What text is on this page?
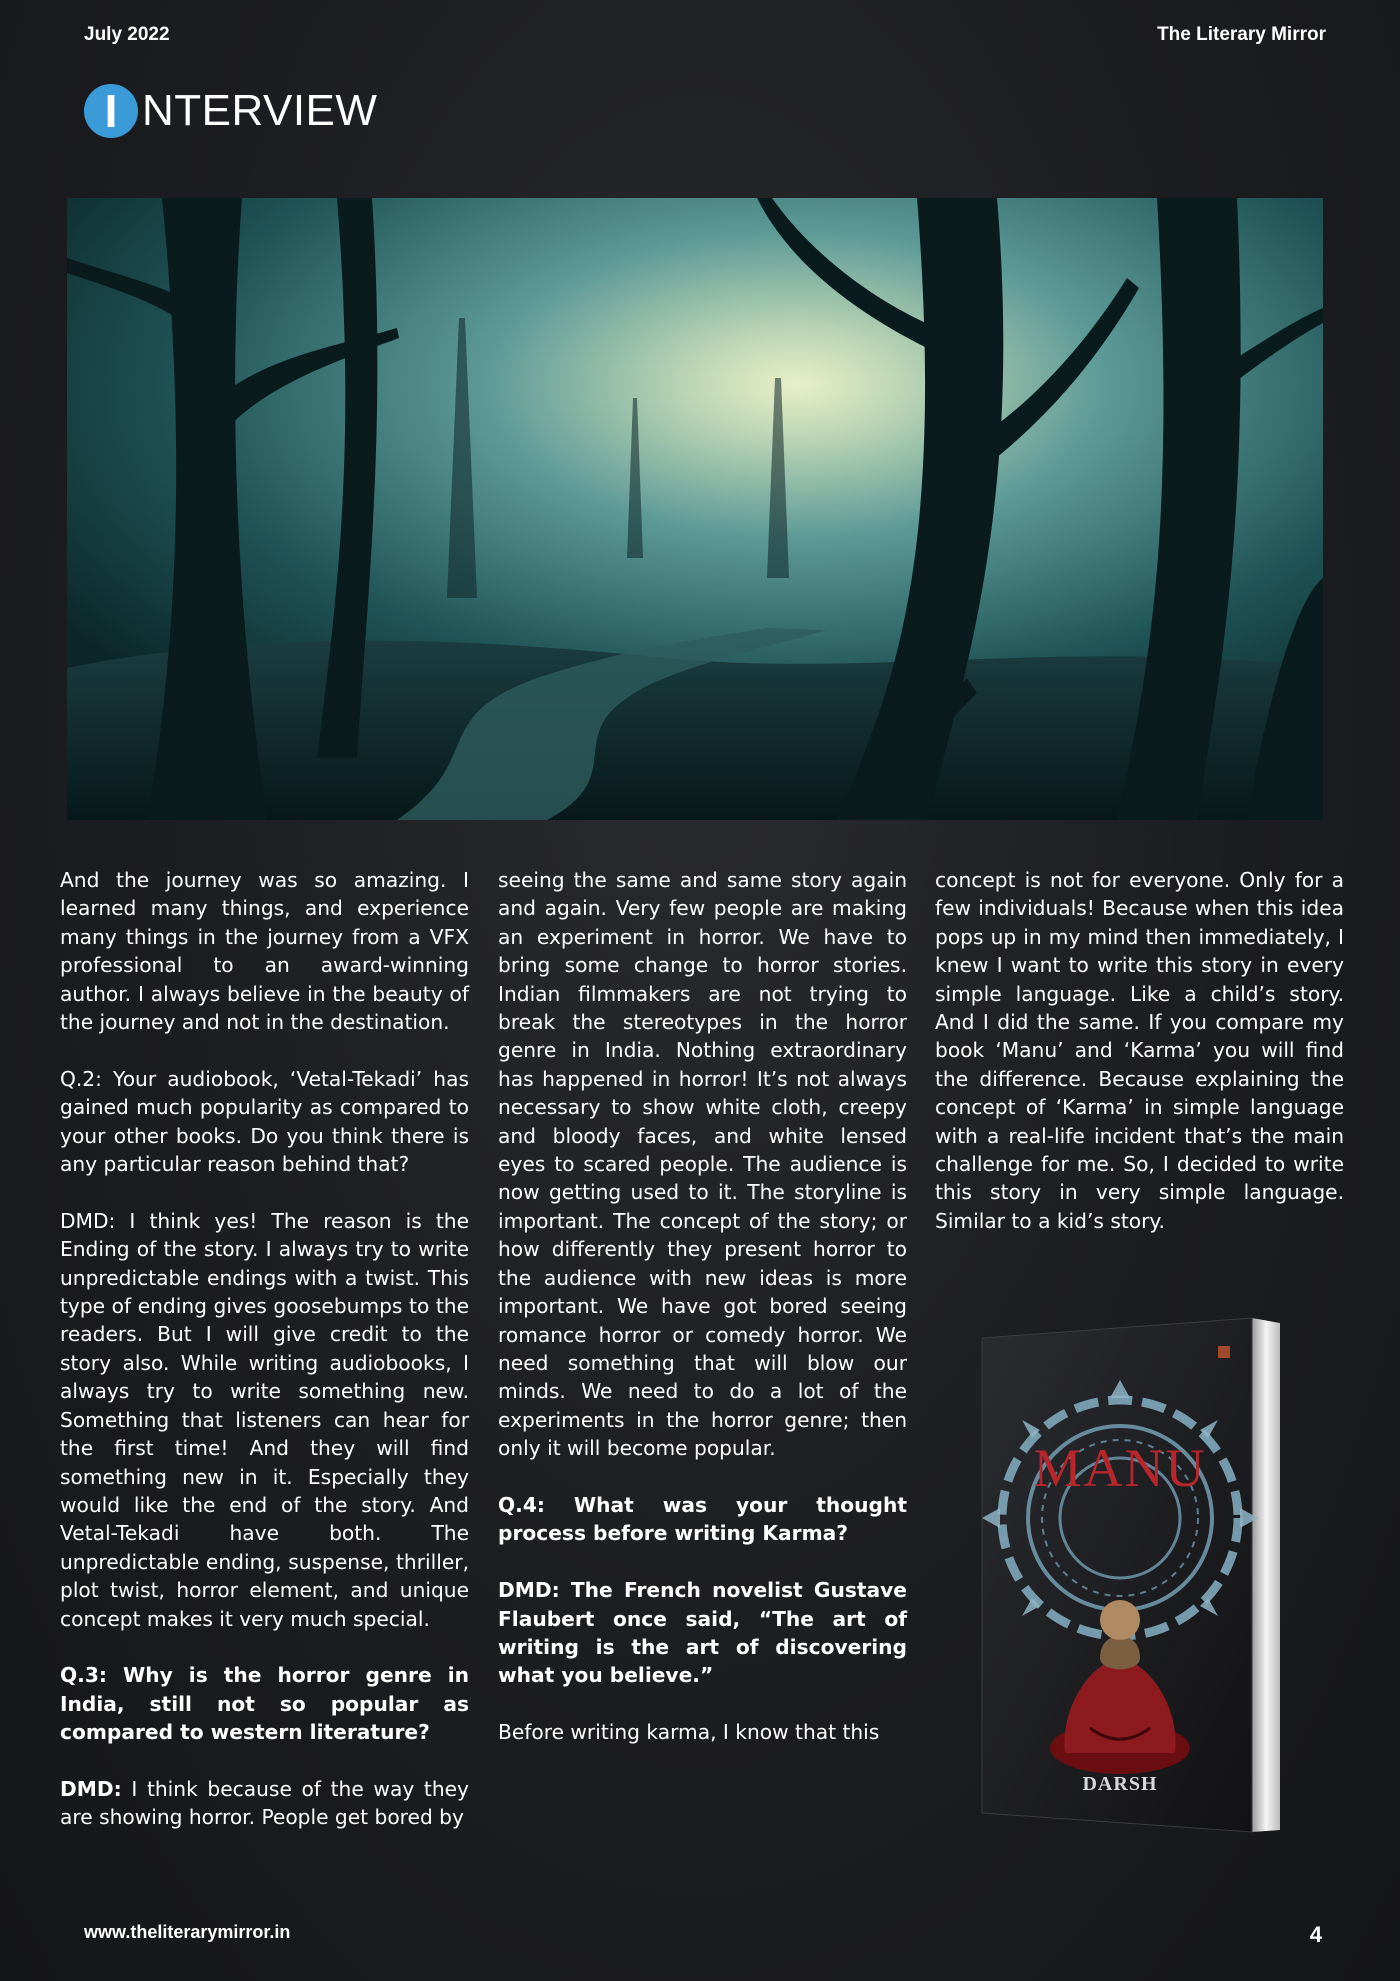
July 2022	The Literary Mirror
I NTERVIEW

And the journey was so amazing. I learned many things, and experience many things in the journey from a VFX professional to an award-winning author. I always believe in the beauty of the journey and not in the destination.

Q.2: Your audiobook, ‘Vetal-Tekadi’ has gained much popularity as compared to your other books. Do you think there is any particular reason behind that?

DMD: I think yes! The reason is the Ending of the story. I always try to write unpredictable endings with a twist. This type of ending gives goosebumps to the readers. But I will give credit to the story also. While writing audiobooks, I always try to write something new. Something that listeners can hear for the first time! And they will find something new in it. Especially they would like the end of the story. And Vetal-Tekadi have both. The unpredictable ending, suspense, thriller, plot twist, horror element, and unique concept makes it very much special.

Q.3: Why is the horror genre in India, still not so popular as compared to western literature?

DMD: I think because of the way they are showing horror. People get bored by

seeing the same and same story again and again. Very few people are making an experiment in horror. We have to bring some change to horror stories. Indian filmmakers are not trying to break the stereotypes in the horror genre in India. Nothing extraordinary has happened in horror! It’s not always necessary to show white cloth, creepy and bloody faces, and white lensed eyes to scared people. The audience is now getting used to it. The storyline is important. The concept of the story; or how differently they present horror to the audience with new ideas is more important. We have got bored seeing romance horror or comedy horror. We need something that will blow our minds. We need to do a lot of the experiments in the horror genre; then only it will become popular.

Q.4: What was your thought process before writing Karma?

DMD: The French novelist Gustave Flaubert once said, “The art of writing is the art of discovering what you believe.”

Before writing karma, I know that this

concept is not for everyone. Only for a few individuals! Because when this idea pops up in my mind then immediately, I knew I want to write this story in every simple language. Like a child’s story. And I did the same. If you compare my book ‘Manu’ and ‘Karma’ you will find the difference. Because explaining the concept of ‘Karma’ in simple language with a real-life incident that’s the main challenge for me. So, I decided to write this story in very simple language. Similar to a kid’s story.

MANU
DARSH
www.theliterarymirror.in	4
